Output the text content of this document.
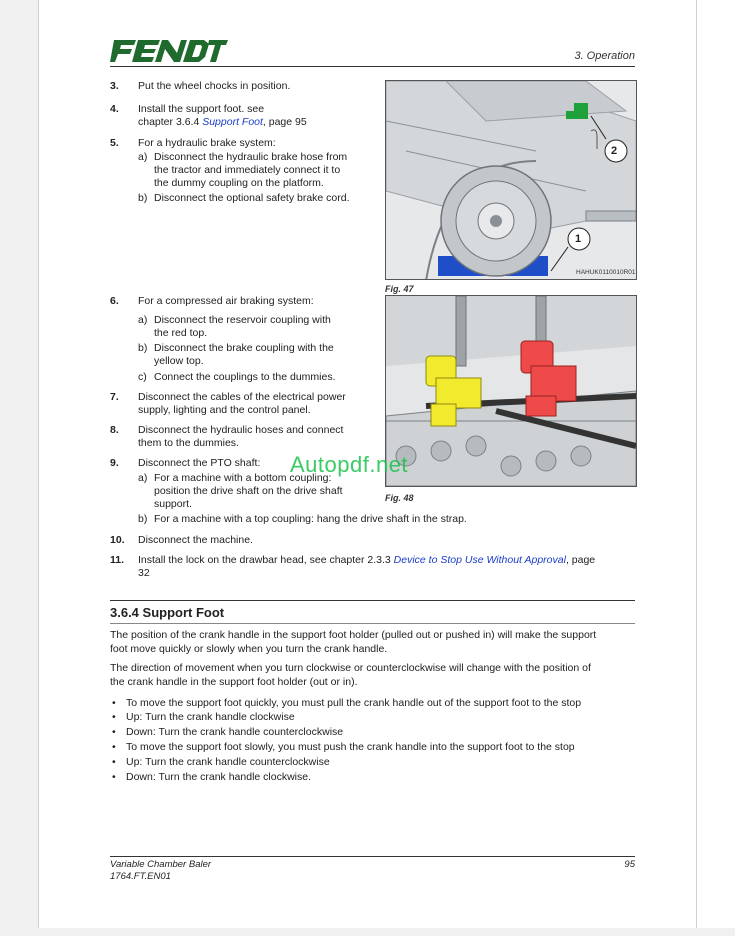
3. Operation
3. Put the wheel chocks in position.
4. Install the support foot. see
chapter 3.6.4 Support Foot, page 95
5. For a hydraulic brake system:
a) Disconnect the hydraulic brake hose from
the tractor and immediately connect it to
the dummy coupling on the platform.
b) Disconnect the optional safety brake cord.
2
1
HAHUK0110010R01
Fig. 47
6. For a compressed air braking system:
a) Disconnect the reservoir coupling with
the red top.
b) Disconnect the brake coupling with the
yellow top.
c) Connect the couplings to the dummies.
7. Disconnect the cables of the electrical power
supply, lighting and the control panel.
8. Disconnect the hydraulic hoses and connect
them to the dummies.
9. Disconnect the PTO shaft:
a) For a machine with a bottom coupling:
position the drive shaft on the drive shaft
support.
b) For a machine with a top coupling: hang the drive shaft in the strap.
Fig. 48
Autopdf.net
10. Disconnect the machine.
11. Install the lock on the drawbar head, see chapter 2.3.3 Device to Stop Use Without Approval, page
32
3.6.4 Support Foot
The position of the crank handle in the support foot holder (pulled out or pushed in) will make the support
foot move quickly or slowly when you turn the crank handle.
The direction of movement when you turn clockwise or counterclockwise will change with the position of
the crank handle in the support foot holder (out or in).
• To move the support foot quickly, you must pull the crank handle out of the support foot to the stop
• Up: Turn the crank handle clockwise
• Down: Turn the crank handle counterclockwise
• To move the support foot slowly, you must push the crank handle into the support foot to the stop
• Up: Turn the crank handle counterclockwise
• Down: Turn the crank handle clockwise.
Variable Chamber Baler
1764.FT.EN01
95
